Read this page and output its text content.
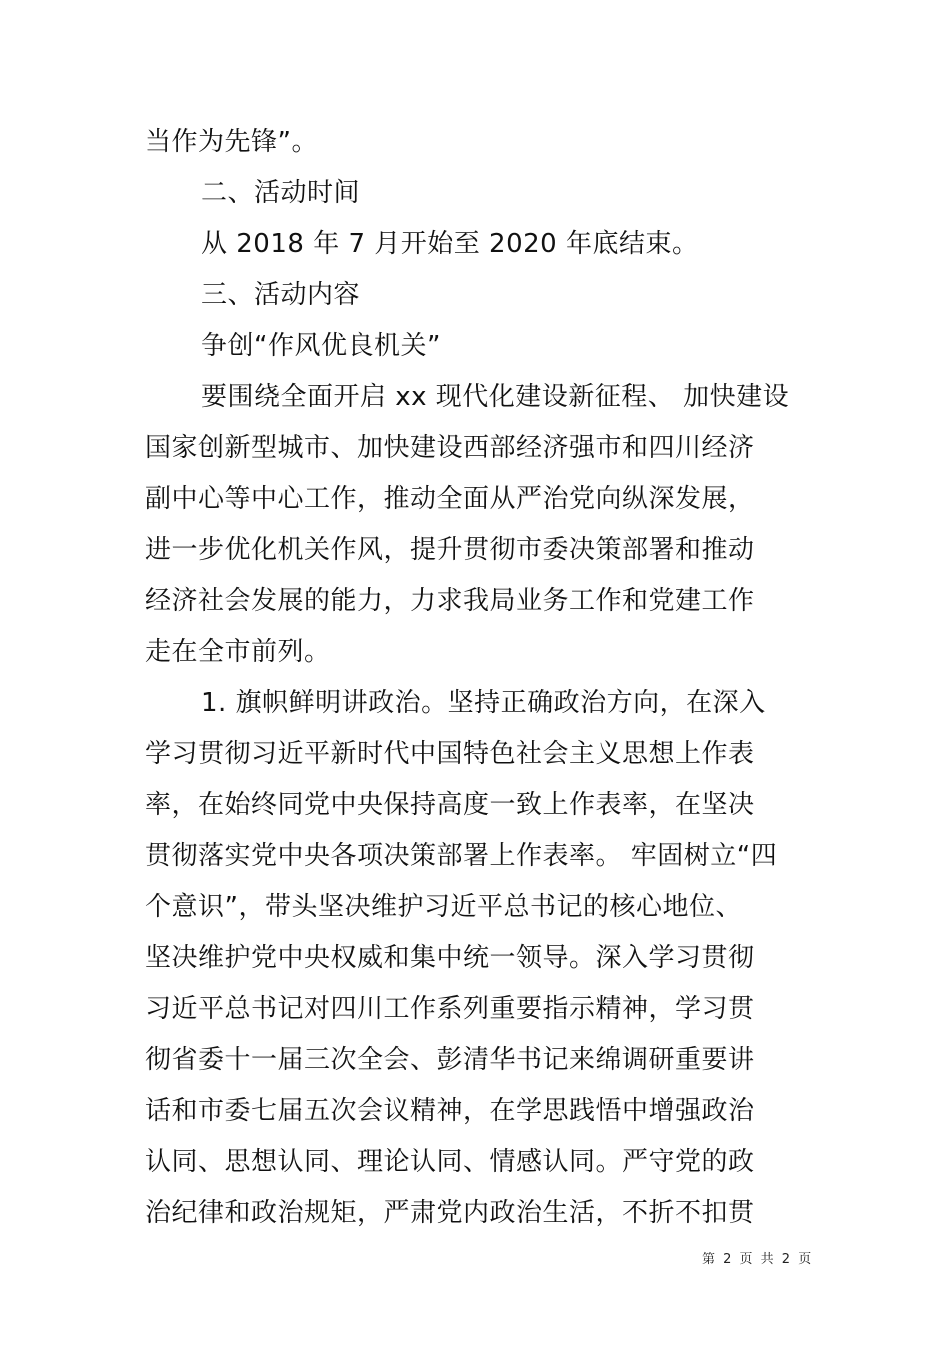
当作为先锋”。
二、活动时间
从 2018 年 7 月开始至 2020 年底结束。
三、活动内容
争创“作风优良机关”
要围绕全面开启 xx 现代化建设新征程、 加快建设
国家创新型城市、加快建设西部经济强市和四川经济
副中心等中心工作，推动全面从严治党向纵深发展，
进一步优化机关作风，提升贯彻市委决策部署和推动
经济社会发展的能力，力求我局业务工作和党建工作
走在全市前列。
1. 旗帜鲜明讲政治。坚持正确政治方向，在深入
学习贯彻习近平新时代中国特色社会主义思想上作表
率，在始终同党中央保持高度一致上作表率，在坚决
贯彻落实党中央各项决策部署上作表率。 牢固树立“四
个意识”，带头坚决维护习近平总书记的核心地位、
坚决维护党中央权威和集中统一领导。深入学习贯彻
习近平总书记对四川工作系列重要指示精神，学习贯
彻省委十一届三次全会、彭清华书记来绵调研重要讲
话和市委七届五次会议精神，在学思践悟中增强政治
认同、思想认同、理论认同、情感认同。严守党的政
治纪律和政治规矩，严肃党内政治生活，不折不扣贯
第 2 页 共 2 页
